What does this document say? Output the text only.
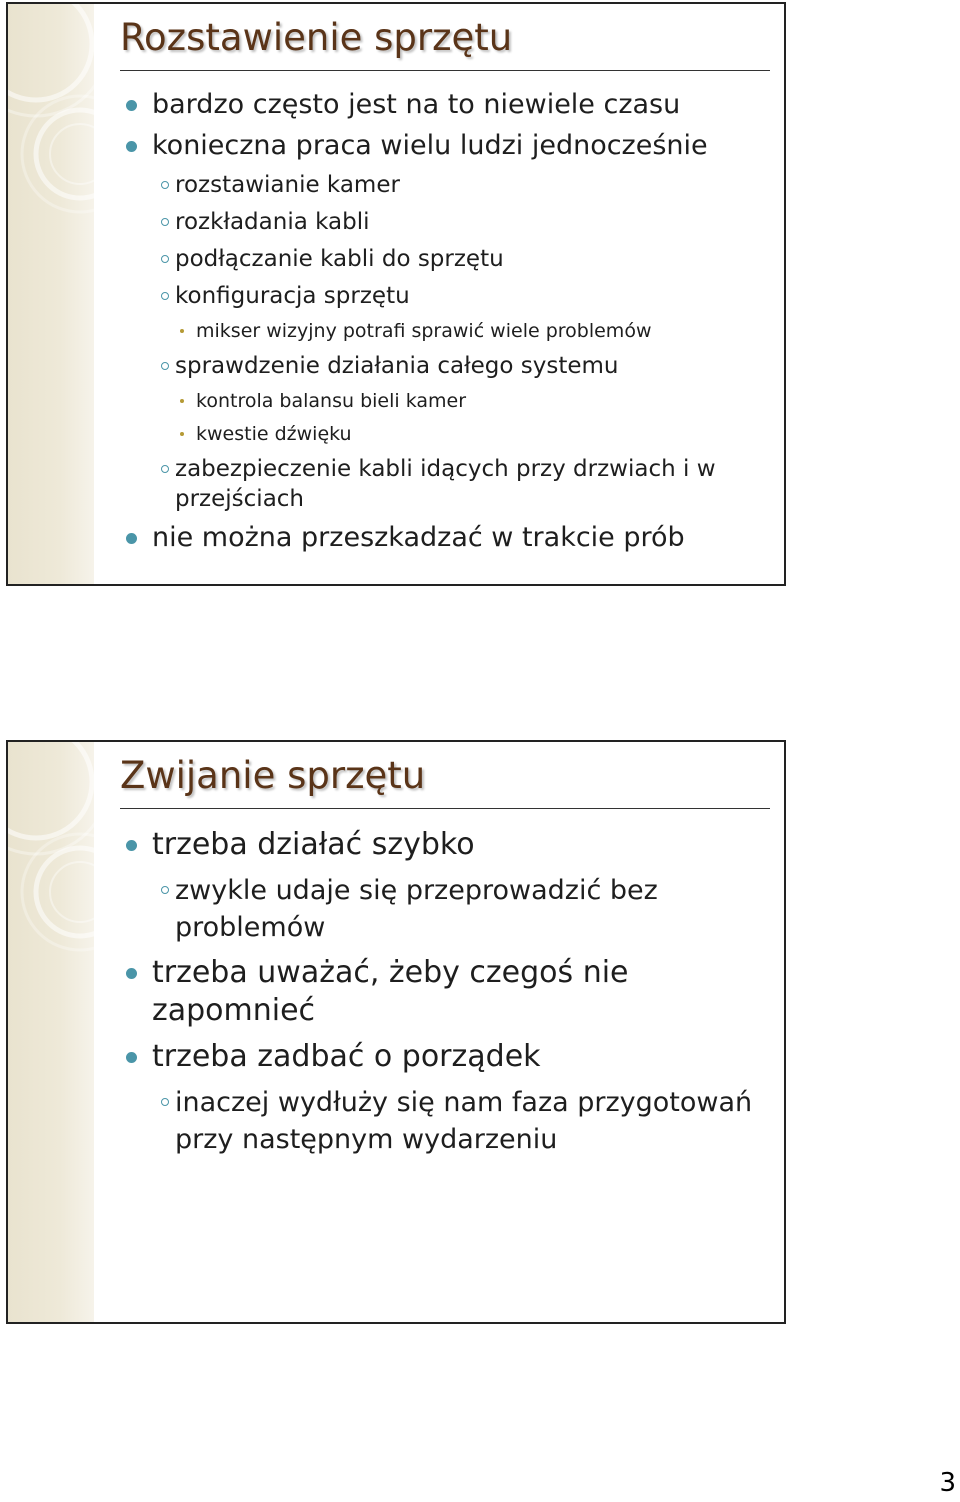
Rozstawienie sprzętu
bardzo często jest na to niewiele czasu
konieczna praca wielu ludzi jednocześnie
rozstawianie kamer
rozkładania kabli
podłączanie kabli do sprzętu
konfiguracja sprzętu
mikser wizyjny potrafi sprawić wiele problemów
sprawdzenie działania całego systemu
kontrola balansu bieli kamer
kwestie dźwięku
zabezpieczenie kabli idących przy drzwiach i w przejściach
nie można przeszkadzać w trakcie prób
Zwijanie sprzętu
trzeba działać szybko
zwykle udaje się przeprowadzić bez problemów
trzeba uważać, żeby czegoś nie zapomnieć
trzeba zadbać o porządek
inaczej wydłuży się nam faza przygotowań przy następnym wydarzeniu
3
